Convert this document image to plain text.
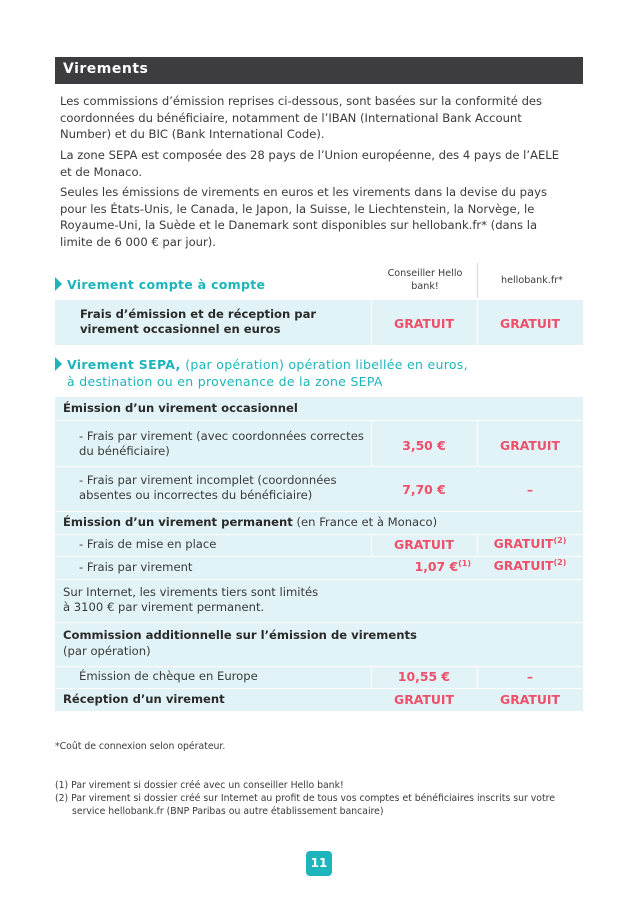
Virements
Les commissions d’émission reprises ci-dessous, sont basées sur la conformité des coordonnées du bénéficiaire, notamment de l’IBAN (International Bank Account Number) et du BIC (Bank International Code).
La zone SEPA est composée des 28 pays de l’Union européenne, des 4 pays de l’AELE et de Monaco.
Seules les émissions de virements en euros et les virements dans la devise du pays pour les États-Unis, le Canada, le Japon, la Suisse, le Liechtenstein, la Norvège, le Royaume-Uni, la Suède et le Danemark sont disponibles sur hellobank.fr* (dans la limite de 6 000 € par jour).
Virement compte à compte
Conseiller Hello bank!
hellobank.fr*
Frais d’émission et de réception par virement occasionnel en euros	GRATUIT	GRATUIT
Virement SEPA, (par opération) opération libellée en euros,
à destination ou en provenance de la zone SEPA
Émission d’un virement occasionnel
- Frais par virement (avec coordonnées correctes du bénéficiaire)	3,50 €	GRATUIT
- Frais par virement incomplet (coordonnées absentes ou incorrectes du bénéficiaire)	7,70 €	–
Émission d’un virement permanent (en France et à Monaco)
- Frais de mise en place	GRATUIT	GRATUIT$^{(2)}$
- Frais par virement	1,07 €$^{(1)}$	GRATUIT$^{(2)}$
Sur Internet, les virements tiers sont limités à 3100 € par virement permanent.
Commission additionnelle sur l’émission de virements
(par opération)
Émission de chèque en Europe	10,55 €	–
Réception d’un virement	GRATUIT	GRATUIT
*Coût de connexion selon opérateur.
(1) Par virement si dossier créé avec un conseiller Hello bank!
(2) Par virement si dossier créé sur Internet au profit de tous vos comptes et bénéficiaires inscrits sur votre
service hellobank.fr (BNP Paribas ou autre établissement bancaire)
11
